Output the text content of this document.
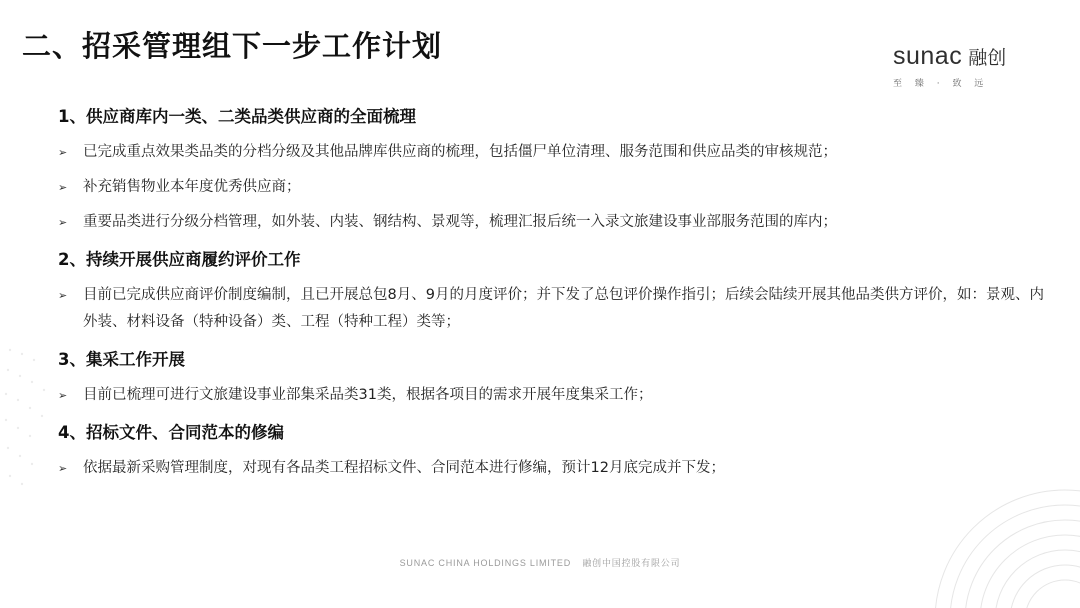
二、招采管理组下一步工作计划	sunac 融创
至 臻 · 致 远
1、供应商库内一类、二类品类供应商的全面梳理
➢ 已完成重点效果类品类的分档分级及其他品牌库供应商的梳理，包括僵尸单位清理、服务范围和供应品类的审核规范；
➢ 补充销售物业本年度优秀供应商；
➢ 重要品类进行分级分档管理，如外装、内装、钢结构、景观等，梳理汇报后统一入录文旅建设事业部服务范围的库内；
2、持续开展供应商履约评价工作
➢ 目前已完成供应商评价制度编制，且已开展总包8月、9月的月度评价；并下发了总包评价操作指引；后续会陆续开展其他品类供方评价，如：景观、内外装、材料设备（特种设备）类、工程（特种工程）类等；
3、集采工作开展
➢ 目前已梳理可进行文旅建设事业部集采品类31类，根据各项目的需求开展年度集采工作；
4、招标文件、合同范本的修编
➢ 依据最新采购管理制度，对现有各品类工程招标文件、合同范本进行修编，预计12月底完成并下发；
SUNAC CHINA HOLDINGS LIMITED 融创中国控股有限公司
